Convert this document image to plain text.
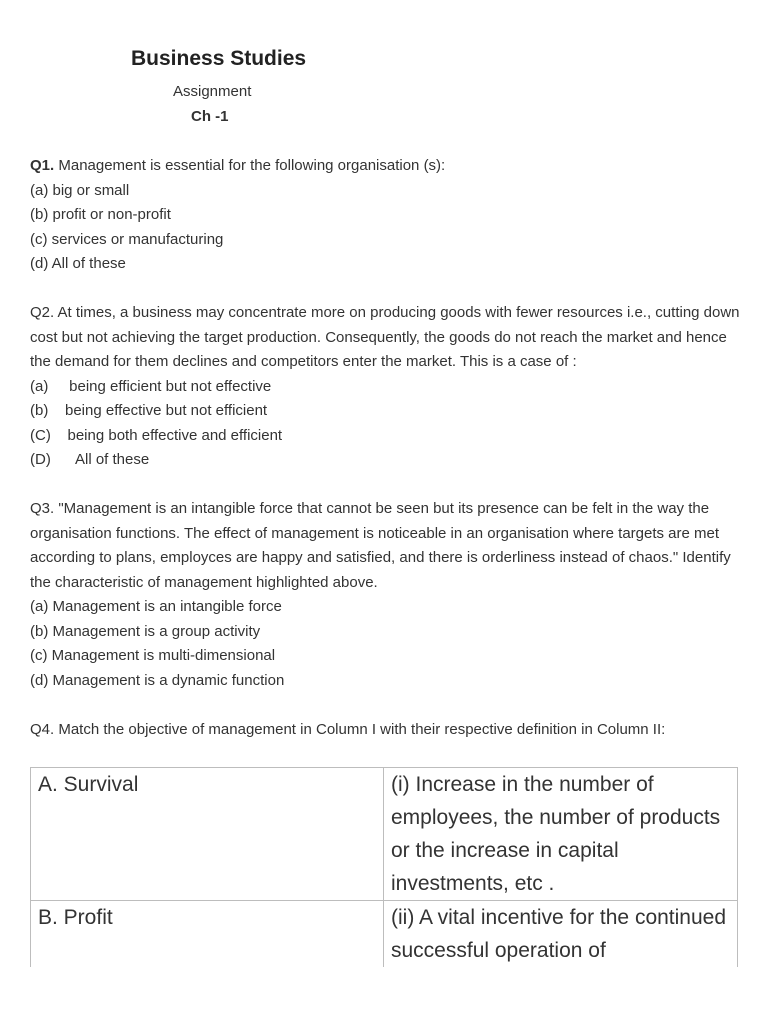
Business Studies
Assignment
Ch -1

Q1. Management is essential for the following organisation (s):

(a) big or small

(b) profit or non-profit

(c) services or manufacturing

(d) All of these

Q2. At times, a business may concentrate more on producing goods with fewer resources i.e., cutting down cost but not achieving the target production. Consequently, the goods do not reach the market and hence the demand for them declines and competitors enter the market. This is a case of :

(a)     being efficient but not effective

(b)    being effective but not efficient

(C)    being both effective and efficient

(D)      All of these

Q3. "Management is an intangible force that cannot be seen but its presence can be felt in the way the organisation functions. The effect of management is noticeable in an organisation where targets are met according to plans, employces are happy and satisfied, and there is orderliness instead of chaos." Identify the characteristic of management highlighted above.

(a) Management is an intangible force

(b) Management is a group activity

(c) Management is multi-dimensional

(d) Management is a dynamic function

Q4. Match the objective of management in Column I with their respective definition in Column II:

A. Survival	(i) Increase in the number of employees, the number of products or the increase in capital investments, etc .
B. Profit	(ii) A vital incentive for the continued successful operation of
